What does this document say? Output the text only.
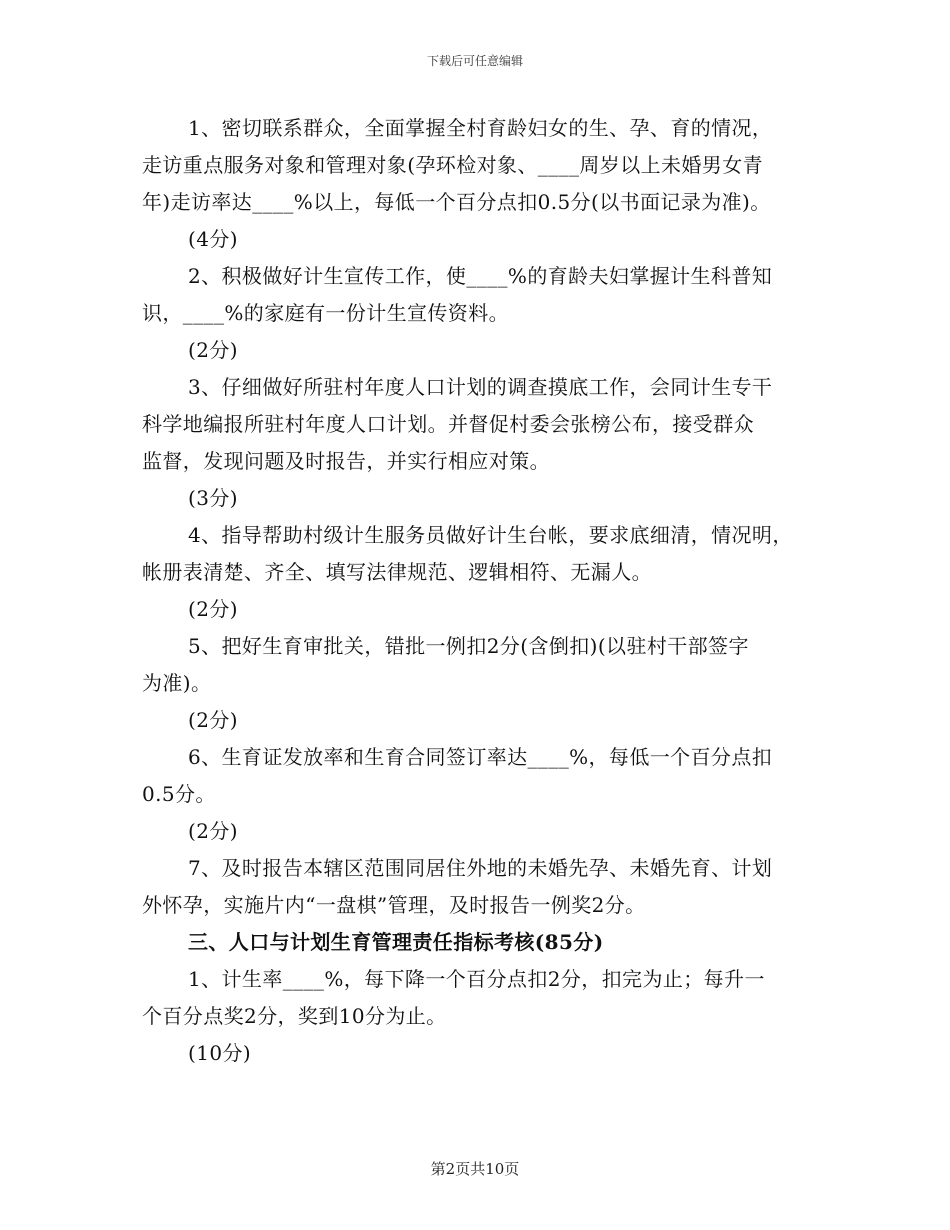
下载后可任意编辑
1、密切联系群众，全面掌握全村育龄妇女的生、孕、育的情况，
走访重点服务对象和管理对象(孕环检对象、____周岁以上未婚男女青
年)走访率达____%以上，每低一个百分点扣0.5分(以书面记录为准)。
(4分)
2、积极做好计生宣传工作，使____%的育龄夫妇掌握计生科普知
识，____%的家庭有一份计生宣传资料。
(2分)
3、仔细做好所驻村年度人口计划的调查摸底工作，会同计生专干
科学地编报所驻村年度人口计划。并督促村委会张榜公布，接受群众
监督，发现问题及时报告，并实行相应对策。
(3分)
4、指导帮助村级计生服务员做好计生台帐，要求底细清，情况明，
帐册表清楚、齐全、填写法律规范、逻辑相符、无漏人。
(2分)
5、把好生育审批关，错批一例扣2分(含倒扣)(以驻村干部签字
为准)。
(2分)
6、生育证发放率和生育合同签订率达____%，每低一个百分点扣
0.5分。
(2分)
7、及时报告本辖区范围同居住外地的未婚先孕、未婚先育、计划
外怀孕，实施片内“一盘棋”管理，及时报告一例奖2分。
三、人口与计划生育管理责任指标考核(85分)
1、计生率____%，每下降一个百分点扣2分，扣完为止；每升一
个百分点奖2分，奖到10分为止。
(10分)
第2页共10页
